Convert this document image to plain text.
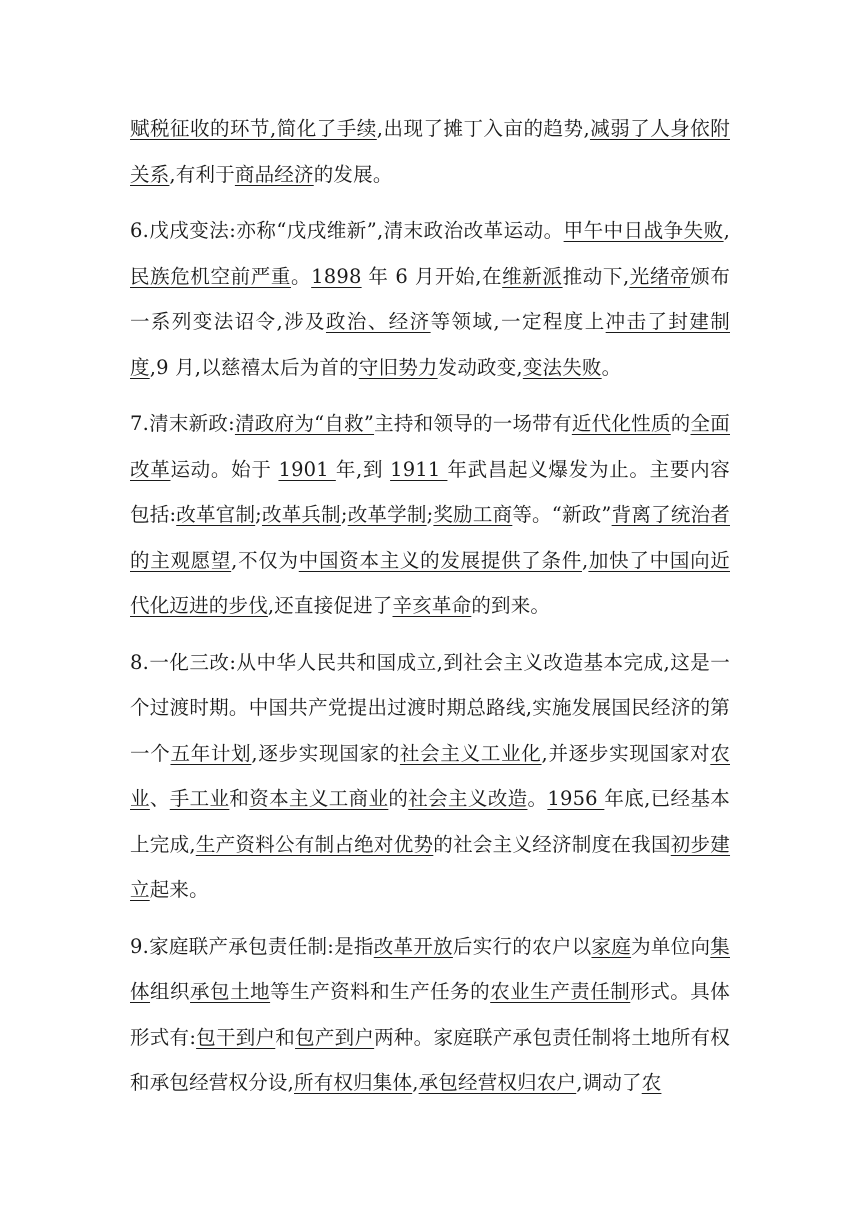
赋税征收的环节,简化了手续,出现了摊丁入亩的趋势,减弱了人身依附关系,有利于商品经济的发展。

6.戊戌变法:亦称“戊戌维新”,清末政治改革运动。甲午中日战争失败,民族危机空前严重。1898 年 6 月开始,在维新派推动下,光绪帝颁布一系列变法诏令,涉及政治、经济等领域,一定程度上冲击了封建制度,9 月,以慈禧太后为首的守旧势力发动政变,变法失败。

7.清末新政:清政府为“自救”主持和领导的一场带有近代化性质的全面改革运动。始于 1901 年,到 1911 年武昌起义爆发为止。主要内容包括:改革官制;改革兵制;改革学制;奖励工商等。“新政”背离了统治者的主观愿望,不仅为中国资本主义的发展提供了条件,加快了中国向近代化迈进的步伐,还直接促进了辛亥革命的到来。

8.一化三改:从中华人民共和国成立,到社会主义改造基本完成,这是一个过渡时期。中国共产党提出过渡时期总路线,实施发展国民经济的第一个五年计划,逐步实现国家的社会主义工业化,并逐步实现国家对农业、手工业和资本主义工商业的社会主义改造。1956 年底,已经基本上完成,生产资料公有制占绝对优势的社会主义经济制度在我国初步建立起来。

9.家庭联产承包责任制:是指改革开放后实行的农户以家庭为单位向集体组织承包土地等生产资料和生产任务的农业生产责任制形式。具体形式有:包干到户和包产到户两种。家庭联产承包责任制将土地所有权和承包经营权分设,所有权归集体,承包经营权归农户,调动了农
